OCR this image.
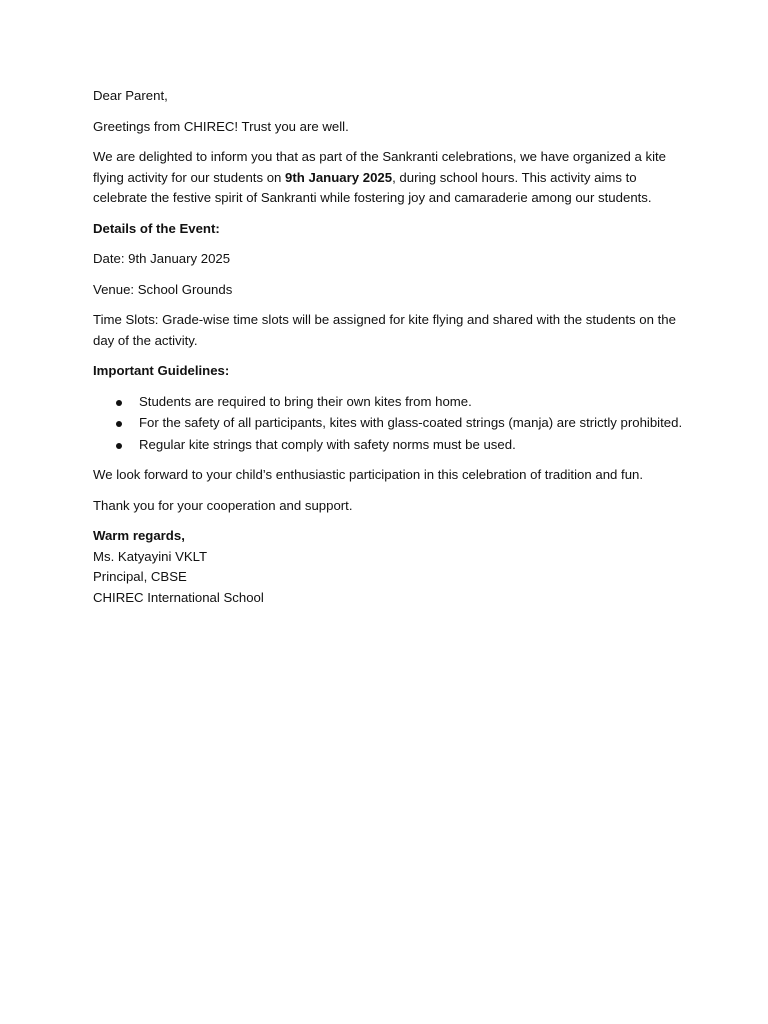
Dear Parent,

Greetings from CHIREC! Trust you are well.

We are delighted to inform you that as part of the Sankranti celebrations, we have organized a kite flying activity for our students on 9th January 2025, during school hours. This activity aims to celebrate the festive spirit of Sankranti while fostering joy and camaraderie among our students.

Details of the Event:

Date: 9th January 2025

Venue: School Grounds

Time Slots: Grade-wise time slots will be assigned for kite flying and shared with the students on the day of the activity.

Important Guidelines:

Students are required to bring their own kites from home.
For the safety of all participants, kites with glass-coated strings (manja) are strictly prohibited.
Regular kite strings that comply with safety norms must be used.

We look forward to your child’s enthusiastic participation in this celebration of tradition and fun.

Thank you for your cooperation and support.

Warm regards,

Ms. Katyayini VKLT

Principal, CBSE

CHIREC International School
